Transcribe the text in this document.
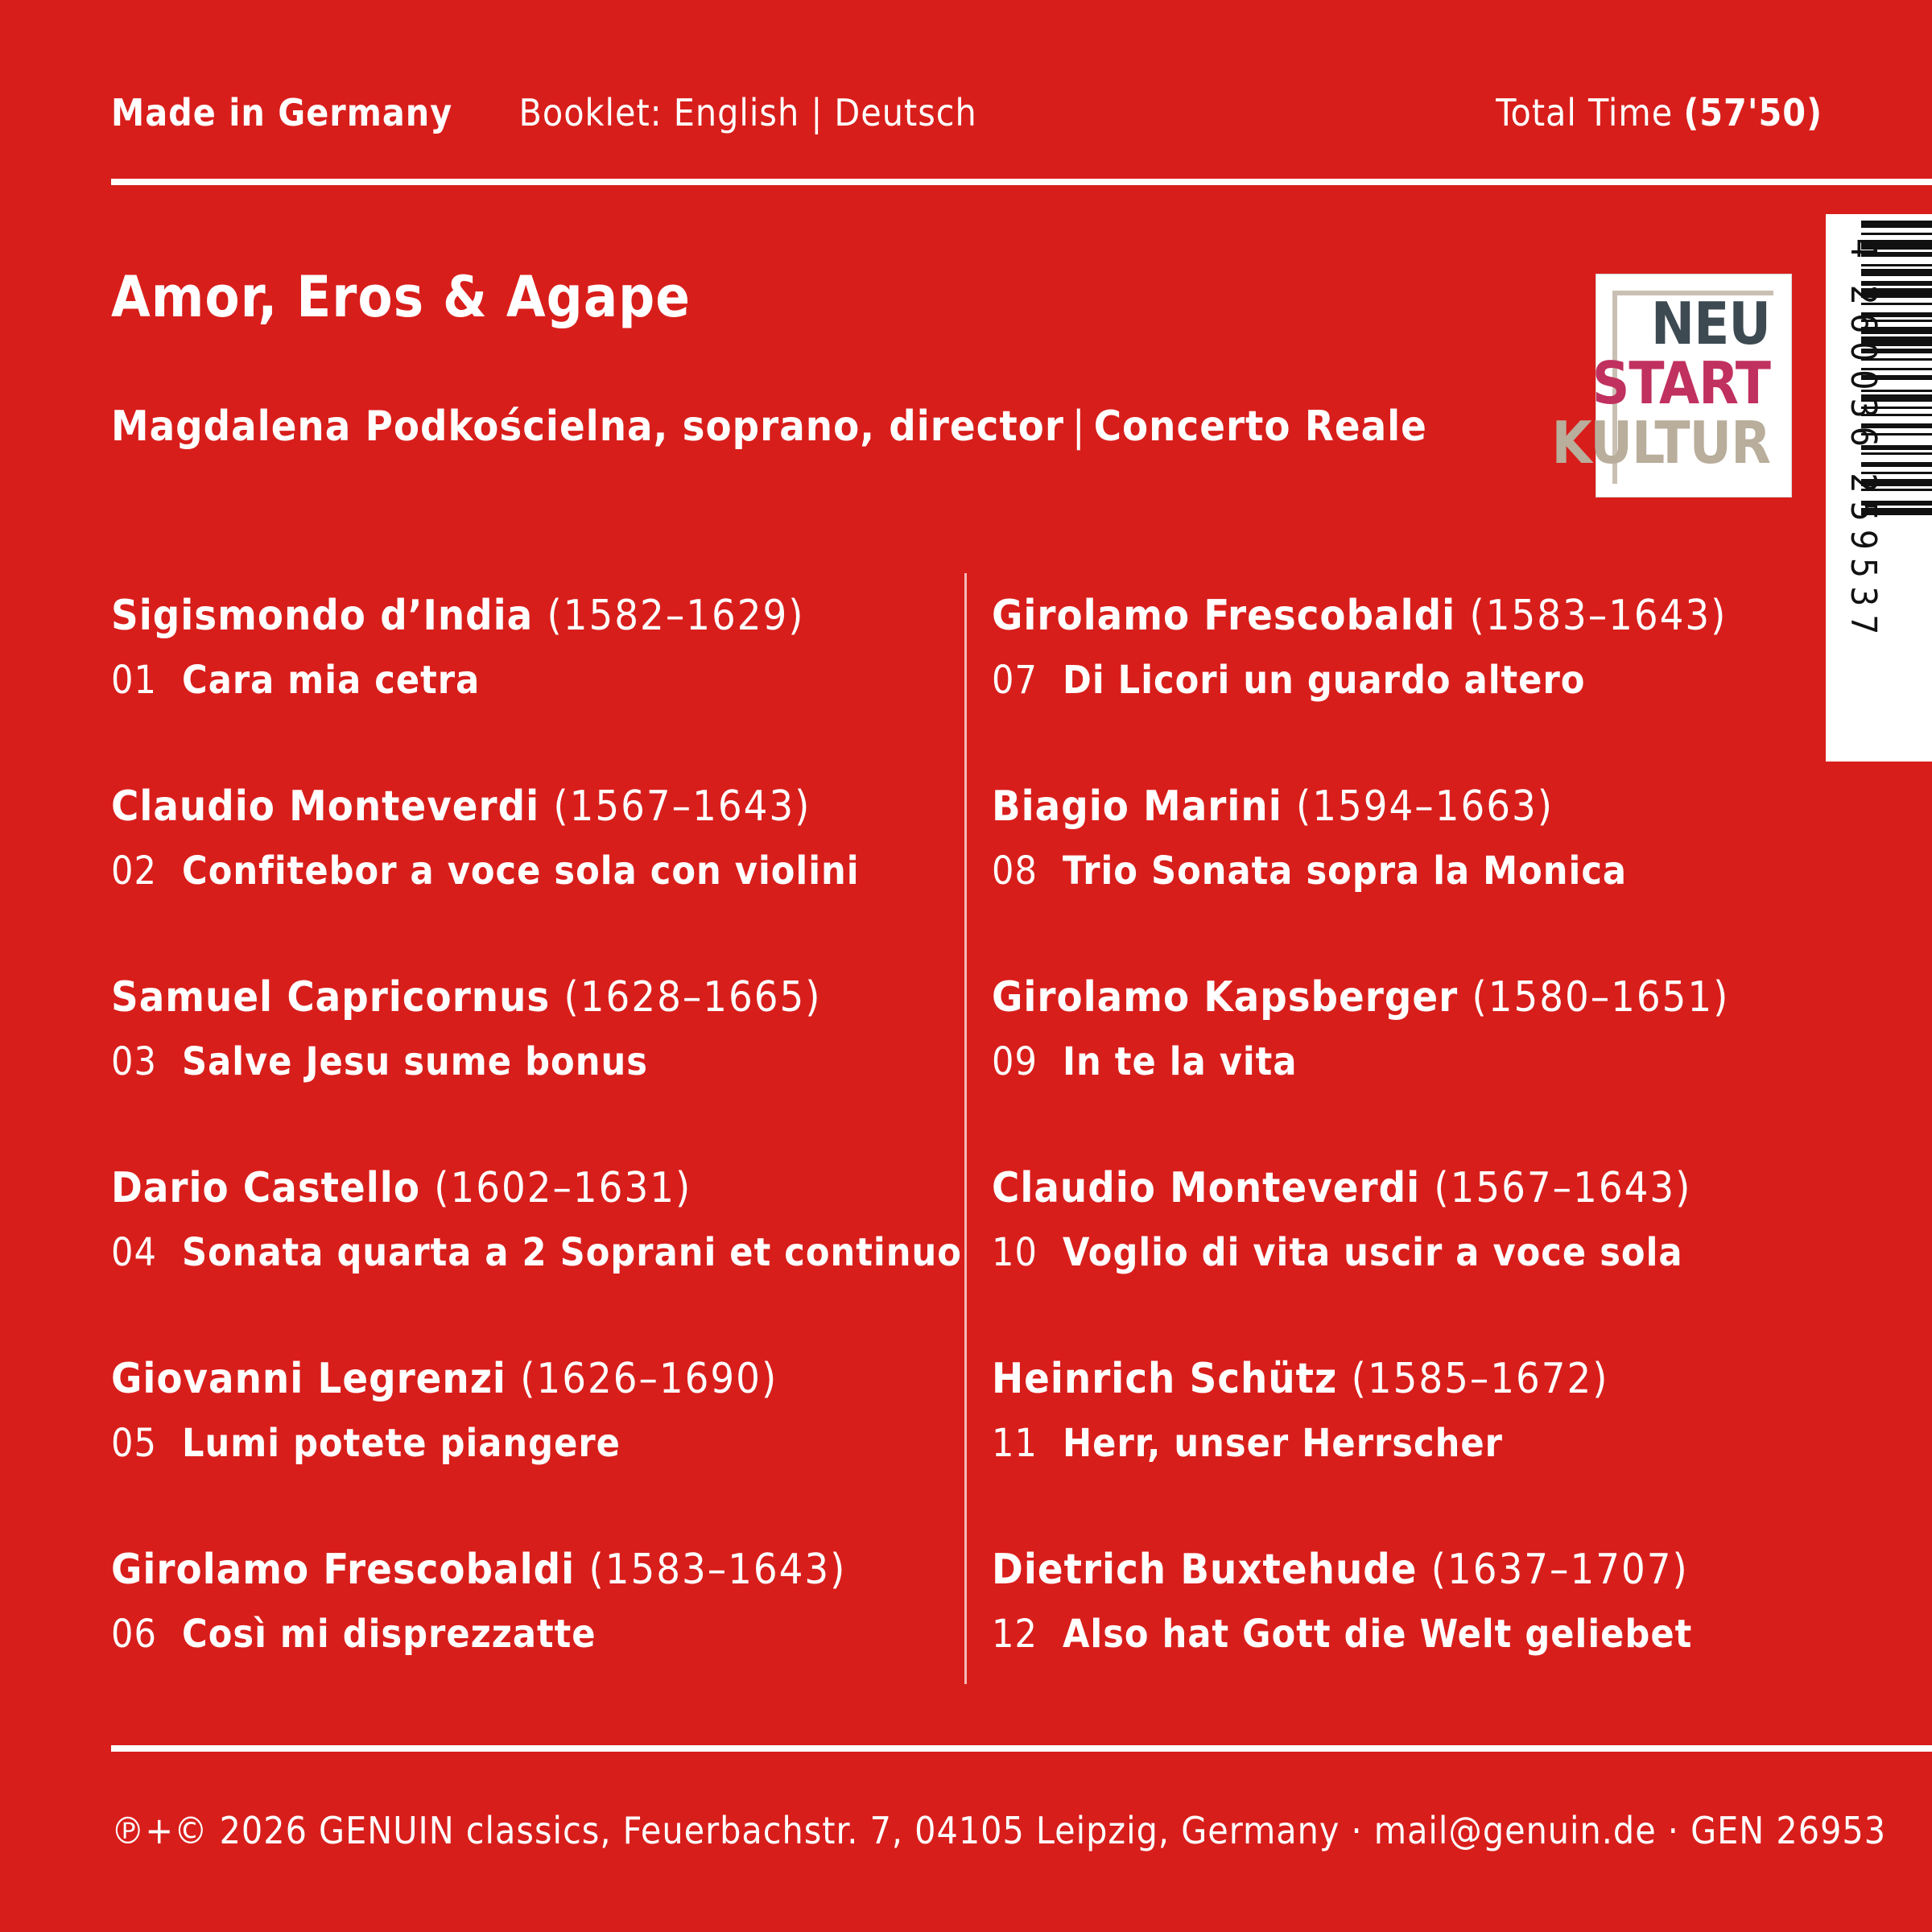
Made in Germany Booklet: English | Deutsch	Total Time (57'50)
Amor, Eros & Agape
Magdalena Podkościelna, soprano, director | Concerto Reale
NEU
START
KULTUR 4 260036 259537
Sigismondo d’India (1582–1629)
01 Cara mia cetra
Claudio Monteverdi (1567–1643)
02 Confitebor a voce sola con violini
Samuel Capricornus (1628–1665)
03 Salve Jesu sume bonus
Dario Castello (1602–1631)
04 Sonata quarta a 2 Soprani et continuo
Giovanni Legrenzi (1626–1690)
05 Lumi potete piangere
Girolamo Frescobaldi (1583–1643)
06 Così mi disprezzatte
Girolamo Frescobaldi (1583–1643)
07 Di Licori un guardo altero
Biagio Marini (1594–1663)
08 Trio Sonata sopra la Monica
Girolamo Kapsberger (1580–1651)
09 In te la vita
Claudio Monteverdi (1567–1643)
10 Voglio di vita uscir a voce sola
Heinrich Schütz (1585–1672)
11 Herr, unser Herrscher
Dietrich Buxtehude (1637–1707)
12 Also hat Gott die Welt geliebet
℗+© 2026 GENUIN classics, Feuerbachstr. 7, 04105 Leipzig, Germany · mail@genuin.de · GEN 26953
